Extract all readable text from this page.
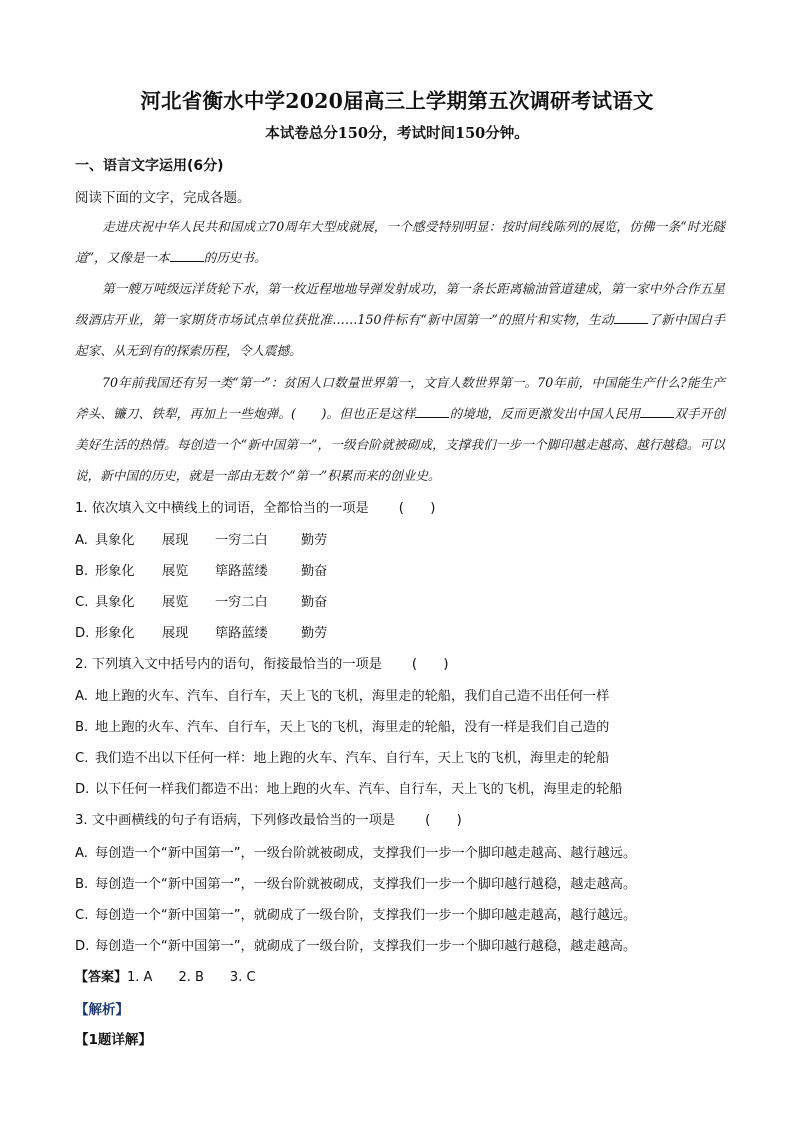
河北省衡水中学2020届高三上学期第五次调研考试语文
本试卷总分150分，考试时间150分钟。
一、语言文字运用(6分)
阅读下面的文字，完成各题。

走进庆祝中华人民共和国成立70周年大型成就展，一个感受特别明显：按时间线陈列的展览，仿佛一条“时光隧道”，又像是一本	的历史书。

第一艘万吨级远洋货轮下水，第一枚近程地地导弹发射成功，第一条长距离输油管道建成，第一家中外合作五星级酒店开业，第一家期货市场试点单位获批准……150件标有“新中国第一”的照片和实物，生动	了新中国白手起家、从无到有的探索历程，令人震撼。

70年前我国还有另一类“第一”：贫困人口数量世界第一，文盲人数世界第一。70年前，中国能生产什么?能生产斧头、镰刀、铁犁，再加上一些炮弹。(　　)。但也正是这样	的境地，反而更激发出中国人民用	双手开创美好生活的热情。每创造一个“新中国第一”，一级台阶就被砌成，支撑我们一步一个脚印越走越高、越行越稳。可以说，新中国的历史，就是一部由无数个“第一”积累而来的创业史。

1. 依次填入文中横线上的词语，全都恰当的一项是 (　　)
A. 具象化 展现 一穷二白	勤劳
B. 形象化 展览 筚路蓝缕	勤奋
C. 具象化 展览 一穷二白	勤奋
D. 形象化 展现 筚路蓝缕	勤劳
2. 下列填入文中括号内的语句，衔接最恰当的一项是 (　　)
A. 地上跑的火车、汽车、自行车，天上飞的飞机，海里走的轮船，我们自己造不出任何一样
B. 地上跑的火车、汽车、自行车，天上飞的飞机，海里走的轮船，没有一样是我们自己造的
C. 我们造不出以下任何一样：地上跑的火车、汽车、自行车，天上飞的飞机，海里走的轮船
D. 以下任何一样我们都造不出：地上跑的火车、汽车、自行车，天上飞的飞机，海里走的轮船
3. 文中画横线的句子有语病，下列修改最恰当的一项是 (　　)
A. 每创造一个“新中国第一”，一级台阶就被砌成，支撑我们一步一个脚印越走越高、越行越远。
B. 每创造一个“新中国第一”，一级台阶就被砌成，支撑我们一步一个脚印越行越稳，越走越高。
C. 每创造一个“新中国第一”，就砌成了一级台阶，支撑我们一步一个脚印越走越高，越行越远。
D. 每创造一个“新中国第一”，就砌成了一级台阶，支撑我们一步一个脚印越行越稳，越走越高。
【答案】1. A 2. B 3. C
【解析】
【1题详解】
